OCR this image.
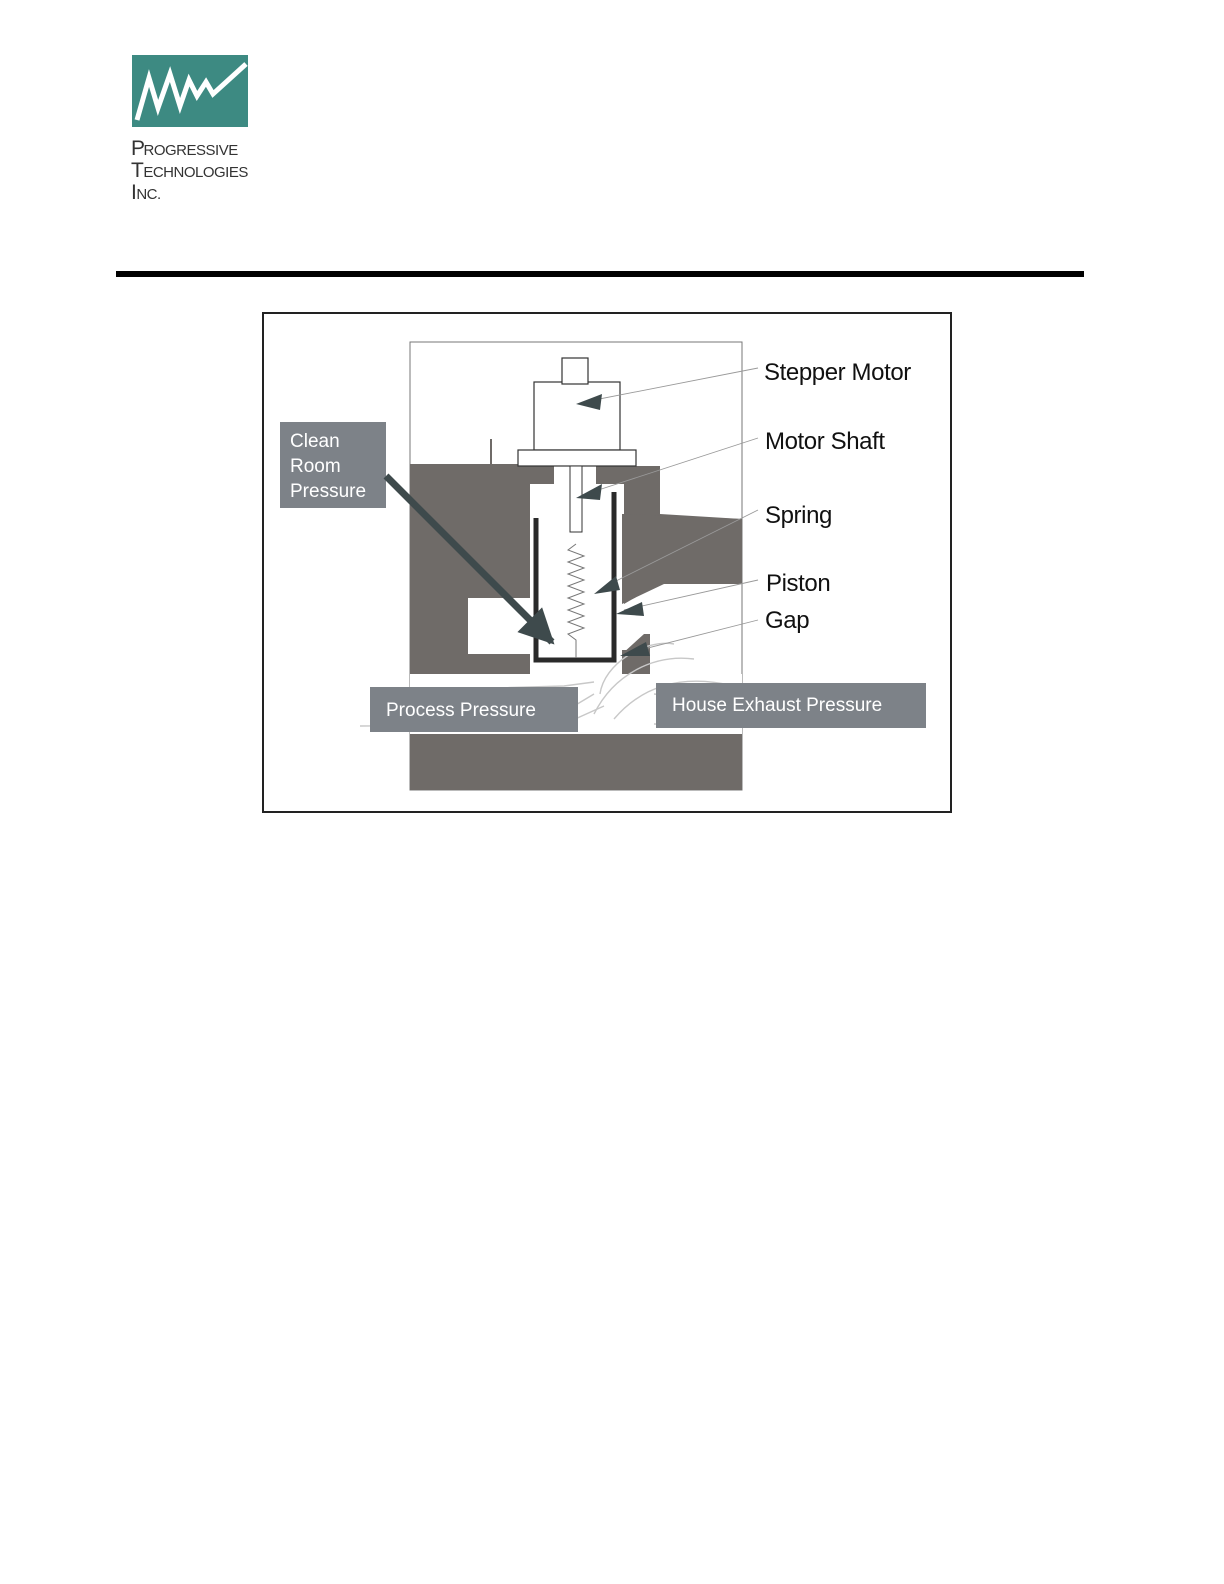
PROGRESSIVE
TECHNOLOGIES
INC.
Clean
Room
Pressure
Process Pressure	House Exhaust Pressure
Stepper Motor
Motor Shaft
Spring
Piston
Gap
